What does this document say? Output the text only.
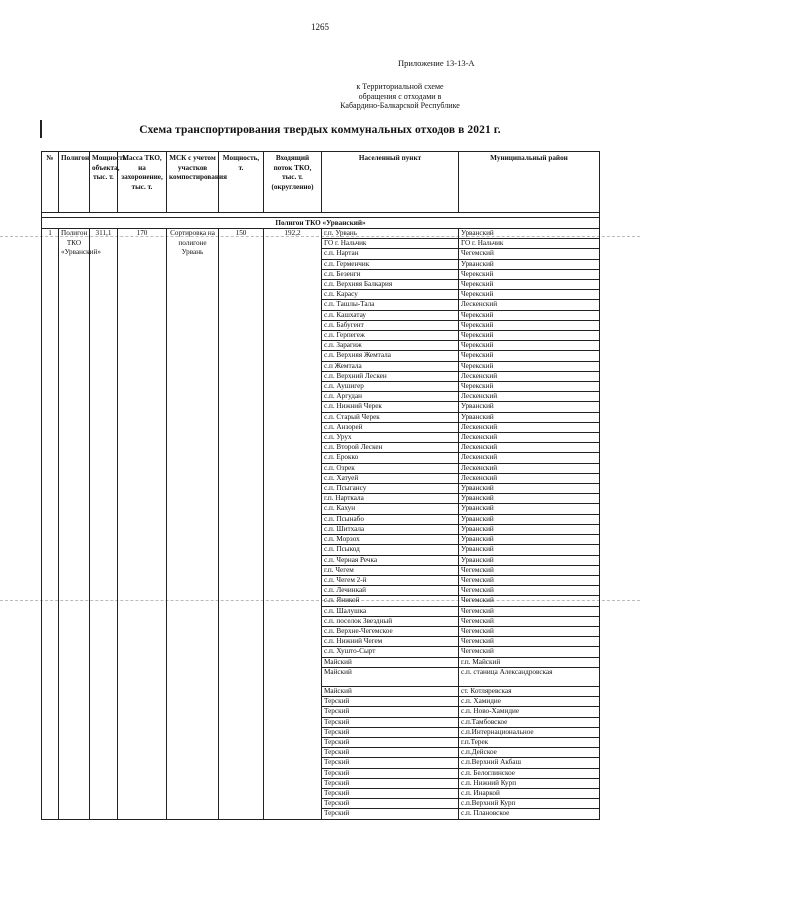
1265
Приложение 13-13-А
к Территориальной схеме
обращения с отходами в
Кабардино-Балкарской Республике
Схема транспортирования твердых коммунальных отходов в 2021 г.
№	Полигон	Мощность объекта, тыс. т.	Масса ТКО, на захоронение, тыс. т.	МСК с учетом участков компостирования	Мощность, т.	Входящий поток ТКО, тыс. т. (округленно)	Населенный пункт	Муниципальный район

Полигон ТКО «Урванский»								
1	Полигон ТКО «Урванский»	311,1	170	Сортировка на полигоне Урвань	150	192,2	г.п. Урвань	Урванский
							ГО г. Нальчик	ГО г. Нальчик
							с.п. Нартан	Чегемский
							с.п. Герменчик	Урванский
							с.п. Безенги	Черекский
							с.п. Верхняя Балкария	Черекский
							с.п. Карасу	Черекский
							с.п. Ташлы-Тала	Лескенский
							с.п. Кашхатау	Черекский
							с.п. Бабугент	Черекский
							с.п. Герпегеж	Черекский
							с.п. Зарагиж	Черекский
							с.п. Верхняя Жемтала	Черекский
							с.п Жемтала	Черекский
							с.п. Верхний Лескен	Лескенский
							с.п. Аушигер	Черекский
							с.п. Аргудан	Лескенский
							с.п. Нижний Черек	Урванский
							с.п. Старый Черек	Урванский
							с.п. Анзорей	Лескенский
							с.п. Урух	Лескенский
							с.п. Второй Лескен	Лескенский
							с.п. Ерокко	Лескенский
							с.п. Озрек	Лескенский
							с.п. Хатуей	Лескенский
							с.п. Псыгансу	Урванский
							г.п. Нарткала	Урванский
							с.п. Кахун	Урванский
							с.п. Псынабо	Урванский
							с.п. Шитхала	Урванский
							с.п. Морзох	Урванский
							с.п. Псыкод	Урванский
							с.п. Черная Речка	Урванский
							г.п. Чегем	Чегемский
							с.п. Чегем 2-й	Чегемский
							с.п. Лечинкай	Чегемский
							с.п. Яникой	Чегемский
							с.п. Шалушка	Чегемский
							с.п. поселок Звездный	Чегемский
							с.п. Верхне-Чегемское	Чегемский
							с.п. Нижний Чегем	Чегемский
							с.п. Хушто-Сырт	Чегемский
							Майский	г.п. Майский
							Майский	с.п. станица Александровская
							Майский	ст. Котляревская
							Терский	с.п. Хамидие
							Терский	с.п. Ново-Хамидие
							Терский	с.п.Тамбовское
							Терский	с.п.Интернациональное
							Терский	г.п.Терек
							Терский	с.п.Дейское
							Терский	с.п.Верхний Акбаш
							Терский	с.п. Белоглинское
							Терский	с.п. Нижний Курп
							Терский	с.п. Инаркой
							Терский	с.п.Верхний Курп
							Терский	с.п. Плановское
